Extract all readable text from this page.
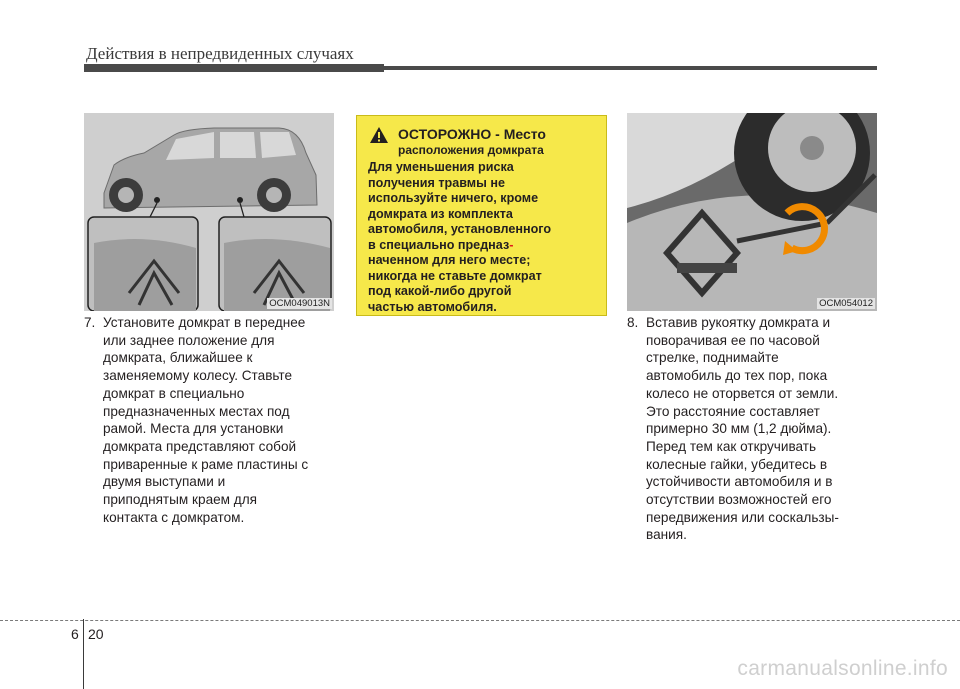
Действия в непредвиденных случаях
OCM049013N
7. Установите домкрат в переднее
или заднее положение для
домкрата, ближайшее к
заменяемому колесу. Ставьте
домкрат в специально
предназначенных местах под
рамой. Места для установки
домкрата представляют собой
приваренные к раме пластины с
двумя выступами и
приподнятым краем для
контакта с домкратом.
ОСТОРОЖНО - Место
расположения домкрата
Для уменьшения риска
получения травмы не
используйте ничего, кроме
домкрата из комплекта
автомобиля, установленного
в специально предназ-
наченном для него месте;
никогда не ставьте домкрат
под какой-либо другой
частью автомобиля.	OCM054012
8. Вставив рукоятку домкрата и
поворачивая ее по часовой
стрелке, поднимайте
автомобиль до тех пор, пока
колесо не оторвется от земли.
Это расстояние составляет
примерно 30 мм (1,2 дюйма).
Перед тем как откручивать
колесные гайки, убедитесь в
устойчивости автомобиля и в
отсутствии возможностей его
передвижения или соскальзы-
вания.
6 20
carmanualsonline.info
